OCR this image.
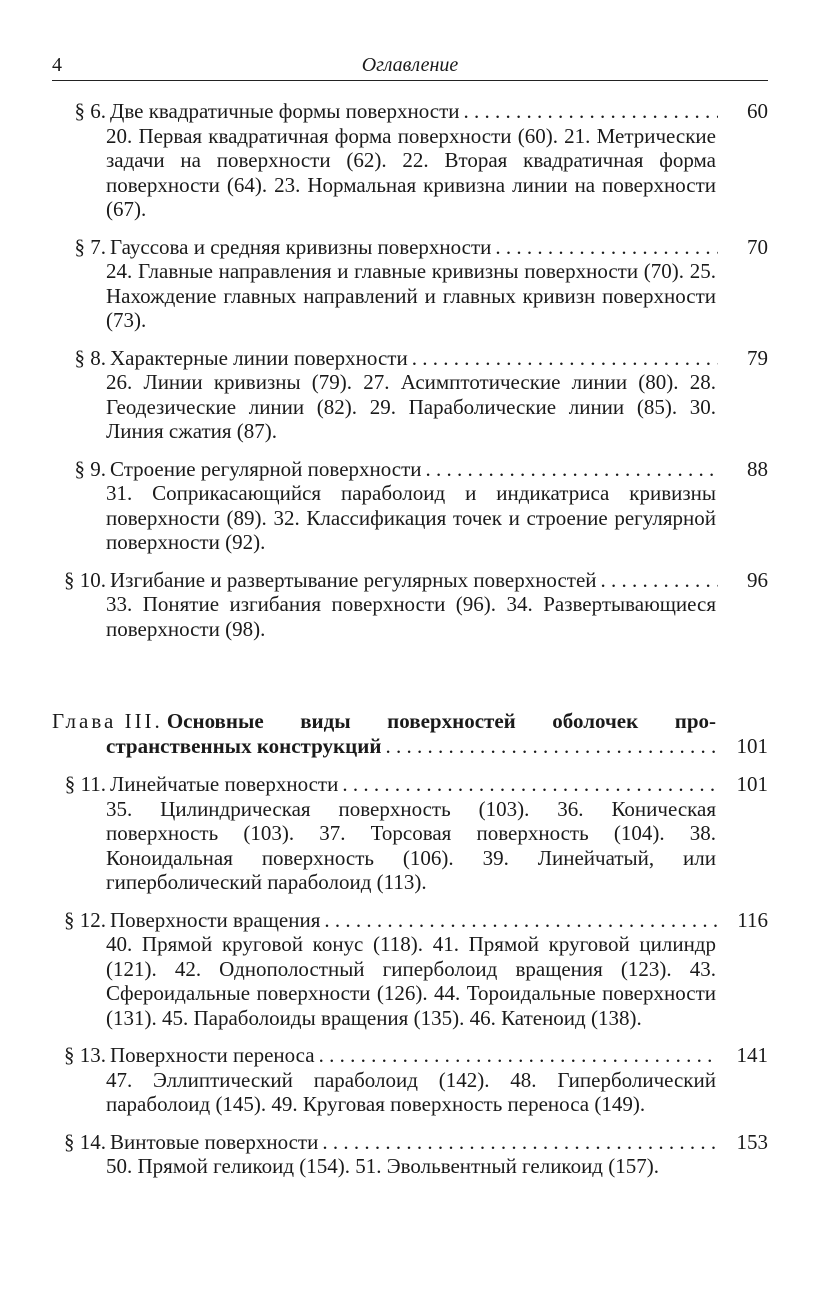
4	Оглавление
§ 6. Две квадратичные формы поверхности . . .	60
20. Первая квадратичная форма поверхности (60). 21. Метрические задачи на поверхности (62). 22. Вторая квадратичная форма поверхности (64). 23. Нормальная кривизна линии на поверхности (67).
§ 7. Гауссова и средняя кривизны поверхности . . .	70
24. Главные направления и главные кривизны поверхности (70). 25. Нахождение главных направлений и главных кривизн поверхности (73).
§ 8. Характерные линии поверхности . . .	79
26. Линии кривизны (79). 27. Асимптотические линии (80). 28. Геодезические линии (82). 29. Параболические линии (85). 30. Линия сжатия (87).
§ 9. Строение регулярной поверхности . . .	88
31. Соприкасающийся параболоид и индикатриса кривизны поверхности (89). 32. Классификация точек и строение регулярной поверхности (92).
§ 10. Изгибание и развертывание регулярных поверхностей . . .	96
33. Понятие изгибания поверхности (96). 34. Развертывающиеся поверхности (98).
Глава III. Основные виды поверхностей оболочек про-
странственных конструкций . . .	101
§ 11. Линейчатые поверхности . . .	101
35. Цилиндрическая поверхность (103). 36. Коническая поверхность (103). 37. Торсовая поверхность (104). 38. Коноидальная поверхность (106). 39. Линейчатый, или гиперболический параболоид (113).
§ 12. Поверхности вращения . . .	116
40. Прямой круговой конус (118). 41. Прямой круговой цилиндр (121). 42. Однополостный гиперболоид вращения (123). 43. Сфероидальные поверхности (126). 44. Тороидальные поверхности (131). 45. Параболоиды вращения (135). 46. Катеноид (138).
§ 13. Поверхности переноса . . .	141
47. Эллиптический параболоид (142). 48. Гиперболический параболоид (145). 49. Круговая поверхность переноса (149).
§ 14. Винтовые поверхности . . .	153
50. Прямой геликоид (154). 51. Эвольвентный геликоид (157).
